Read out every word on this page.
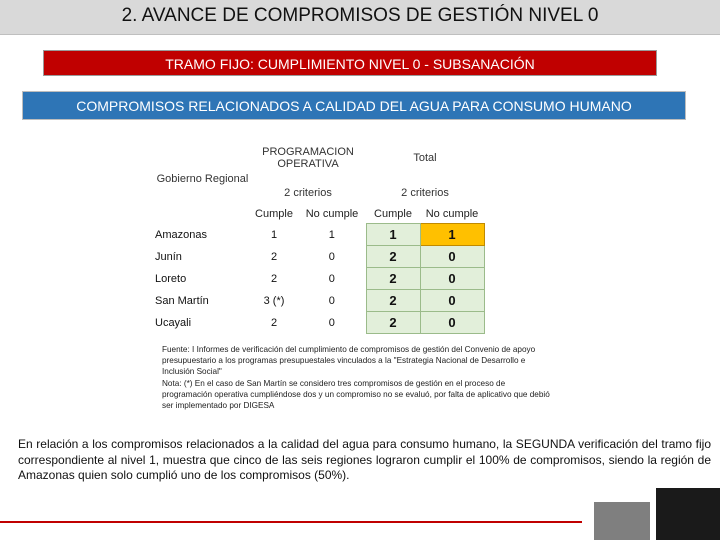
2. AVANCE DE COMPROMISOS DE GESTIÓN NIVEL 0
TRAMO FIJO: CUMPLIMIENTO NIVEL 0 - SUBSANACIÓN
COMPROMISOS RELACIONADOS A CALIDAD DEL AGUA PARA CONSUMO HUMANO
Gobierno Regional	PROGRAMACION OPERATIVA		Total	
	2 criterios		2 criterios	
	Cumple	No cumple	Cumple	No cumple
Amazonas	1	1	1	1
Junín	2	0	2	0
Loreto	2	0	2	0
San Martín	3 (*)	0	2	0
Ucayali	2	0	2	0

Fuente: I Informes de verificación del cumplimiento de compromisos de gestión del Convenio de apoyo presupuestario a los programas presupuestales vinculados a la "Estrategia Nacional de Desarrollo e Inclusión Social"

Nota: (*) En el caso de San Martín se considero tres compromisos de gestión en el proceso de programación operativa cumpliéndose dos y un compromiso no se evaluó, por falta de aplicativo que debió ser implementado por DIGESA

En relación a los compromisos relacionados a la calidad del agua para consumo humano, la SEGUNDA verificación del tramo fijo correspondiente al nivel 1, muestra que cinco de las seis regiones lograron cumplir el 100% de compromisos, siendo la región de Amazonas quien solo cumplió uno de los compromisos (50%).
